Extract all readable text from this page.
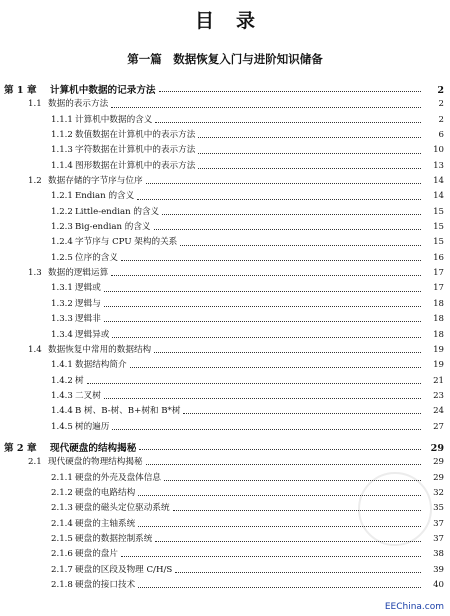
目录
第一篇　数据恢复入门与进阶知识储备
第 1 章	计算机中数据的记录方法	2
1.1 数据的表示方法	2
1.1.1 计算机中数据的含义	2
1.1.2 数值数据在计算机中的表示方法	6
1.1.3 字符数据在计算机中的表示方法	10
1.1.4 图形数据在计算机中的表示方法	13
1.2 数据存储的字节序与位序	14
1.2.1 Endian 的含义	14
1.2.2 Little-endian 的含义	15
1.2.3 Big-endian 的含义	15
1.2.4 字节序与 CPU 架构的关系	15
1.2.5 位序的含义	16
1.3 数据的逻辑运算	17
1.3.1 逻辑或	17
1.3.2 逻辑与	18
1.3.3 逻辑非	18
1.3.4 逻辑异或	18
1.4 数据恢复中常用的数据结构	19
1.4.1 数据结构简介	19
1.4.2 树	21
1.4.3 二叉树	23
1.4.4 B 树、B-树、B+树和 B*树	24
1.4.5 树的遍历	27
第 2 章	现代硬盘的结构揭秘	29
2.1 现代硬盘的物理结构揭秘	29
2.1.1 硬盘的外壳及盘体信息	29
2.1.2 硬盘的电路结构	32
2.1.3 硬盘的磁头定位驱动系统	35
2.1.4 硬盘的主轴系统	37
2.1.5 硬盘的数据控制系统	37
2.1.6 硬盘的盘片	38
2.1.7 硬盘的区段及物理 C/H/S	39
2.1.8 硬盘的接口技术	40
EEChina.com
